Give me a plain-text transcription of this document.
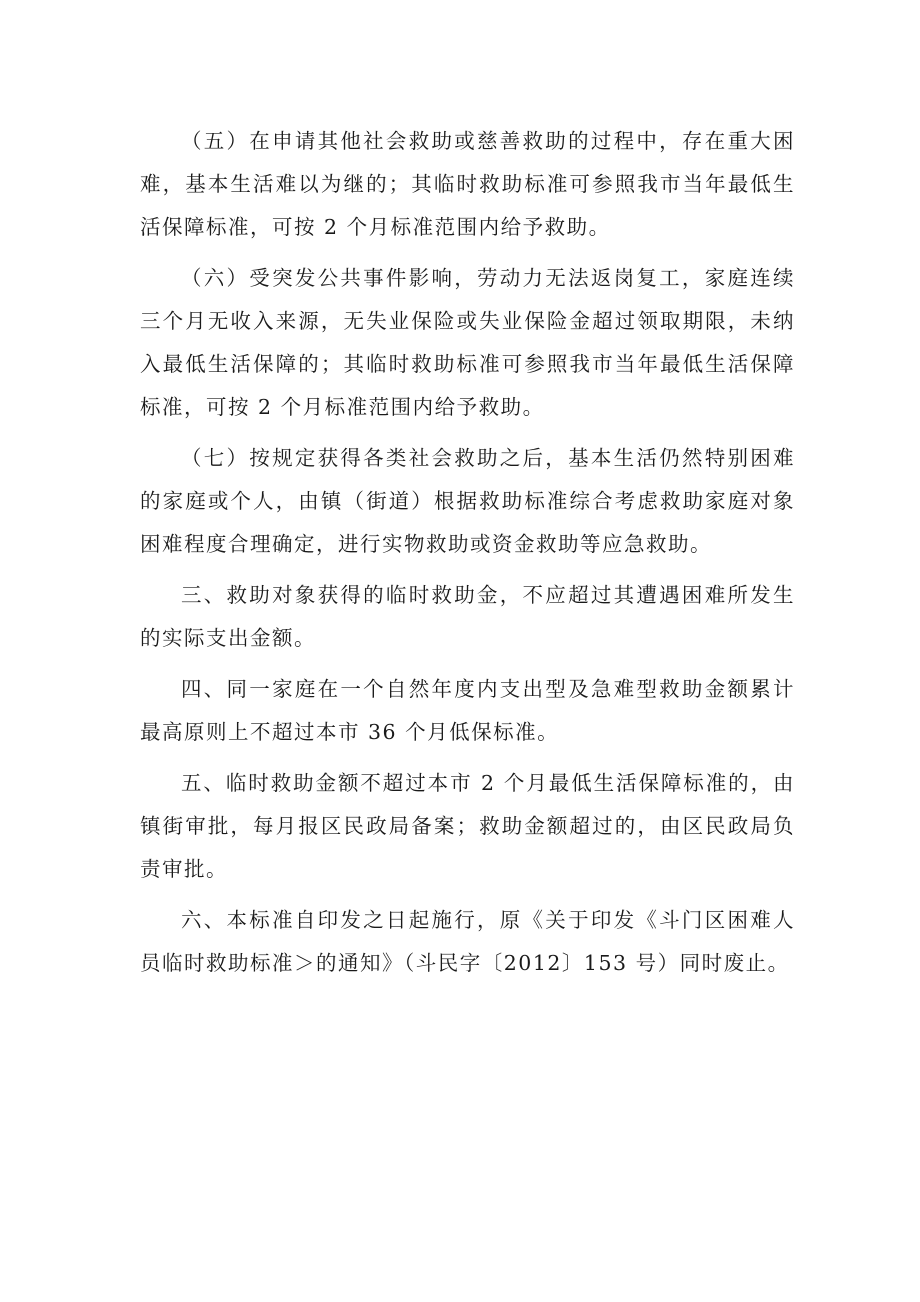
（五）在申请其他社会救助或慈善救助的过程中，存在重大困难，基本生活难以为继的；其临时救助标准可参照我市当年最低生活保障标准，可按 2 个月标准范围内给予救助。

（六）受突发公共事件影响，劳动力无法返岗复工，家庭连续三个月无收入来源，无失业保险或失业保险金超过领取期限，未纳入最低生活保障的；其临时救助标准可参照我市当年最低生活保障标准，可按 2 个月标准范围内给予救助。

（七）按规定获得各类社会救助之后，基本生活仍然特别困难的家庭或个人，由镇（街道）根据救助标准综合考虑救助家庭对象困难程度合理确定，进行实物救助或资金救助等应急救助。

三、救助对象获得的临时救助金，不应超过其遭遇困难所发生的实际支出金额。

四、同一家庭在一个自然年度内支出型及急难型救助金额累计最高原则上不超过本市 36 个月低保标准。

五、临时救助金额不超过本市 2 个月最低生活保障标准的，由镇街审批，每月报区民政局备案；救助金额超过的，由区民政局负责审批。

六、本标准自印发之日起施行，原《关于印发《斗门区困难人员临时救助标准＞的通知》（斗民字〔2012〕153 号）同时废止。
